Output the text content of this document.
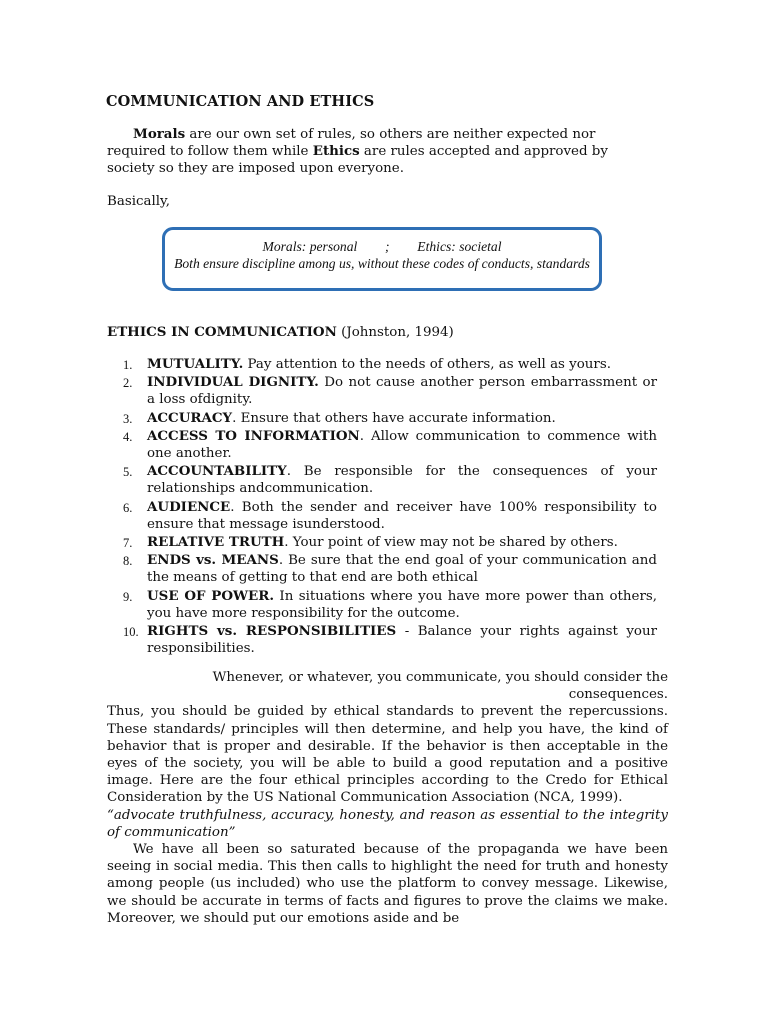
COMMUNICATION AND ETHICS

Morals are our own set of rules, so others are neither expected nor required to follow them while Ethics are rules accepted and approved by society so they are imposed upon everyone.

Basically,

Morals: personal ; Ethics: societal
Both ensure discipline among us, without these codes of conducts, standards

ETHICS IN COMMUNICATION (Johnston, 1994)

1. MUTUALITY. Pay attention to the needs of others, as well as yours.
2. INDIVIDUAL DIGNITY. Do not cause another person embarrassment or a loss ofdignity.
3. ACCURACY. Ensure that others have accurate information.
4. ACCESS TO INFORMATION. Allow communication to commence with one another.
5. ACCOUNTABILITY. Be responsible for the consequences of your relationships andcommunication.
6. AUDIENCE. Both the sender and receiver have 100% responsibility to ensure that message isunderstood.
7. RELATIVE TRUTH. Your point of view may not be shared by others.
8. ENDS vs. MEANS. Be sure that the end goal of your communication and the means of getting to that end are both ethical
9. USE OF POWER. In situations where you have more power than others, you have more responsibility for the outcome.
10. RIGHTS vs. RESPONSIBILITIES - Balance your rights against your responsibilities.
Whenever, or whatever, you communicate, you should consider the consequences.
Thus, you should be guided by ethical standards to prevent the repercussions. These standards/ principles will then determine, and help you have, the kind of behavior that is proper and desirable. If the behavior is then acceptable in the eyes of the society, you will be able to build a good reputation and a positive image. Here are the four ethical principles according to the Credo for Ethical Consideration by the US National Communication Association (NCA, 1999).
“advocate truthfulness, accuracy, honesty, and reason as essential to the integrity of communication”
We have all been so saturated because of the propaganda we have been seeing in social media. This then calls to highlight the need for truth and honesty among people (us included) who use the platform to convey message. Likewise, we should be accurate in terms of facts and figures to prove the claims we make. Moreover, we should put our emotions aside and be
